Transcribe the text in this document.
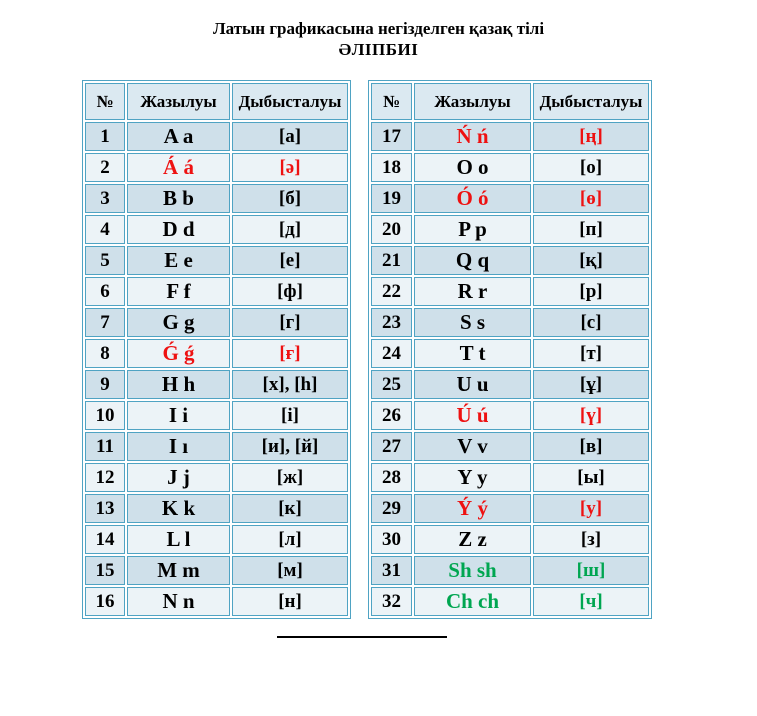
Латын графикасына негізделген қазақ тілі
ӘЛІПБИІ
№	Жазылуы	Дыбысталуы
1	A a	[а]
2	Á á	[ә]
3	B b	[б]
4	D d	[д]
5	E e	[е]
6	F f	[ф]
7	G g	[г]
8	Ǵ ǵ	[ғ]
9	H h	[х], [h]
10	I i	[і]
11	I ı	[и], [й]
12	J j	[ж]
13	K k	[к]
14	L l	[л]
15	M m	[м]
16	N n	[н]
№	Жазылуы	Дыбысталуы
17	Ń ń	[ң]
18	O o	[о]
19	Ó ó	[ө]
20	P p	[п]
21	Q q	[қ]
22	R r	[р]
23	S s	[с]
24	T t	[т]
25	U u	[ұ]
26	Ú ú	[ү]
27	V v	[в]
28	Y y	[ы]
29	Ý ý	[у]
30	Z z	[з]
31	Sh sh	[ш]
32	Ch ch	[ч]
